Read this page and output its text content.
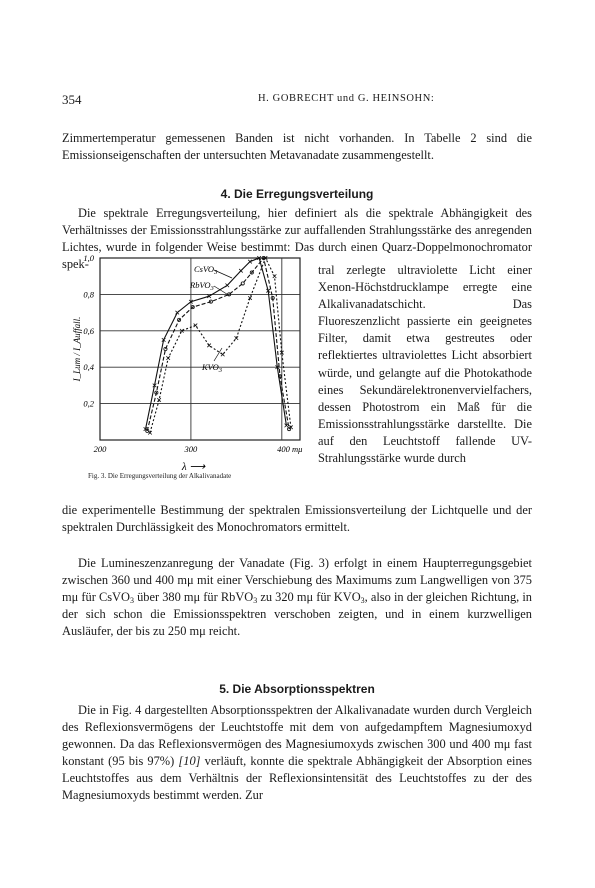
354	H. GOBRECHT und G. HEINSOHN:
Zimmertemperatur gemessenen Banden ist nicht vorhanden. In Tabelle 2 sind die Emissionseigenschaften der untersuchten Metavanadate zusammengestellt.
4. Die Erregungsverteilung
Die spektrale Erregungsverteilung, hier definiert als die spektrale Abhängigkeit des Verhältnisses der Emissionsstrahlungsstärke zur auffallenden Strahlungsstärke des anregenden Lichtes, wurde in folgender Weise bestimmt: Das durch einen Quarz-Doppelmonochromator spek-	tral zerlegte ultraviolette Licht einer Xenon-Höchstdrucklampe erregte eine Alkalivanadatschicht. Das Fluoreszenzlicht passierte ein geeignetes Filter, damit etwa gestreutes oder reflektiertes ultraviolettes Licht absorbiert würde, und gelangte auf die Photokathode eines Sekundärelektronenvervielfachers, dessen Photostrom ein Maß für die Emissionsstrahlungsstärke darstellte. Die auf den Leuchtstoff fallende UV-Strahlungsstärke wurde durch
0,2
0,4
0,6
0,8
1,0
200	300	400 mμ
I_Lum / I_Auffall.
λ ⟶
CsVO$_3$
RbVO$_3$
$KVO_3$
Fig. 3. Die Erregungsverteilung der Alkalivanadate
die experimentelle Bestimmung der spektralen Emissionsverteilung der Lichtquelle und der spektralen Durchlässigkeit des Monochromators ermittelt.
Die Lumineszenzanregung der Vanadate (Fig. 3) erfolgt in einem Haupterregungsgebiet zwischen 360 und 400 mμ mit einer Verschiebung des Maximums zum Langwelligen von 375 mμ für CsVO$_3$ über 380 mμ für RbVO$_3$ zu 320 mμ für $KVO_3$, also in der gleichen Richtung, in der sich schon die Emissionsspektren verschoben zeigten, und in einem kurzwelligen Ausläufer, der bis zu 250 mμ reicht.
5. Die Absorptionsspektren
Die in Fig. 4 dargestellten Absorptionsspektren der Alkalivanadate wurden durch Vergleich des Reflexionsvermögens der Leuchtstoffe mit dem von aufgedampftem Magnesiumoxyd gewonnen. Da das Reflexionsvermögen des Magnesiumoxyds zwischen 300 und 400 mμ fast konstant (95 bis 97%) [10] verläuft, konnte die spektrale Abhängigkeit der Absorption eines Leuchtstoffes aus dem Verhältnis der Reflexionsintensität des Leuchtstoffes zu der des Magnesiumoxyds bestimmt werden. Zur
